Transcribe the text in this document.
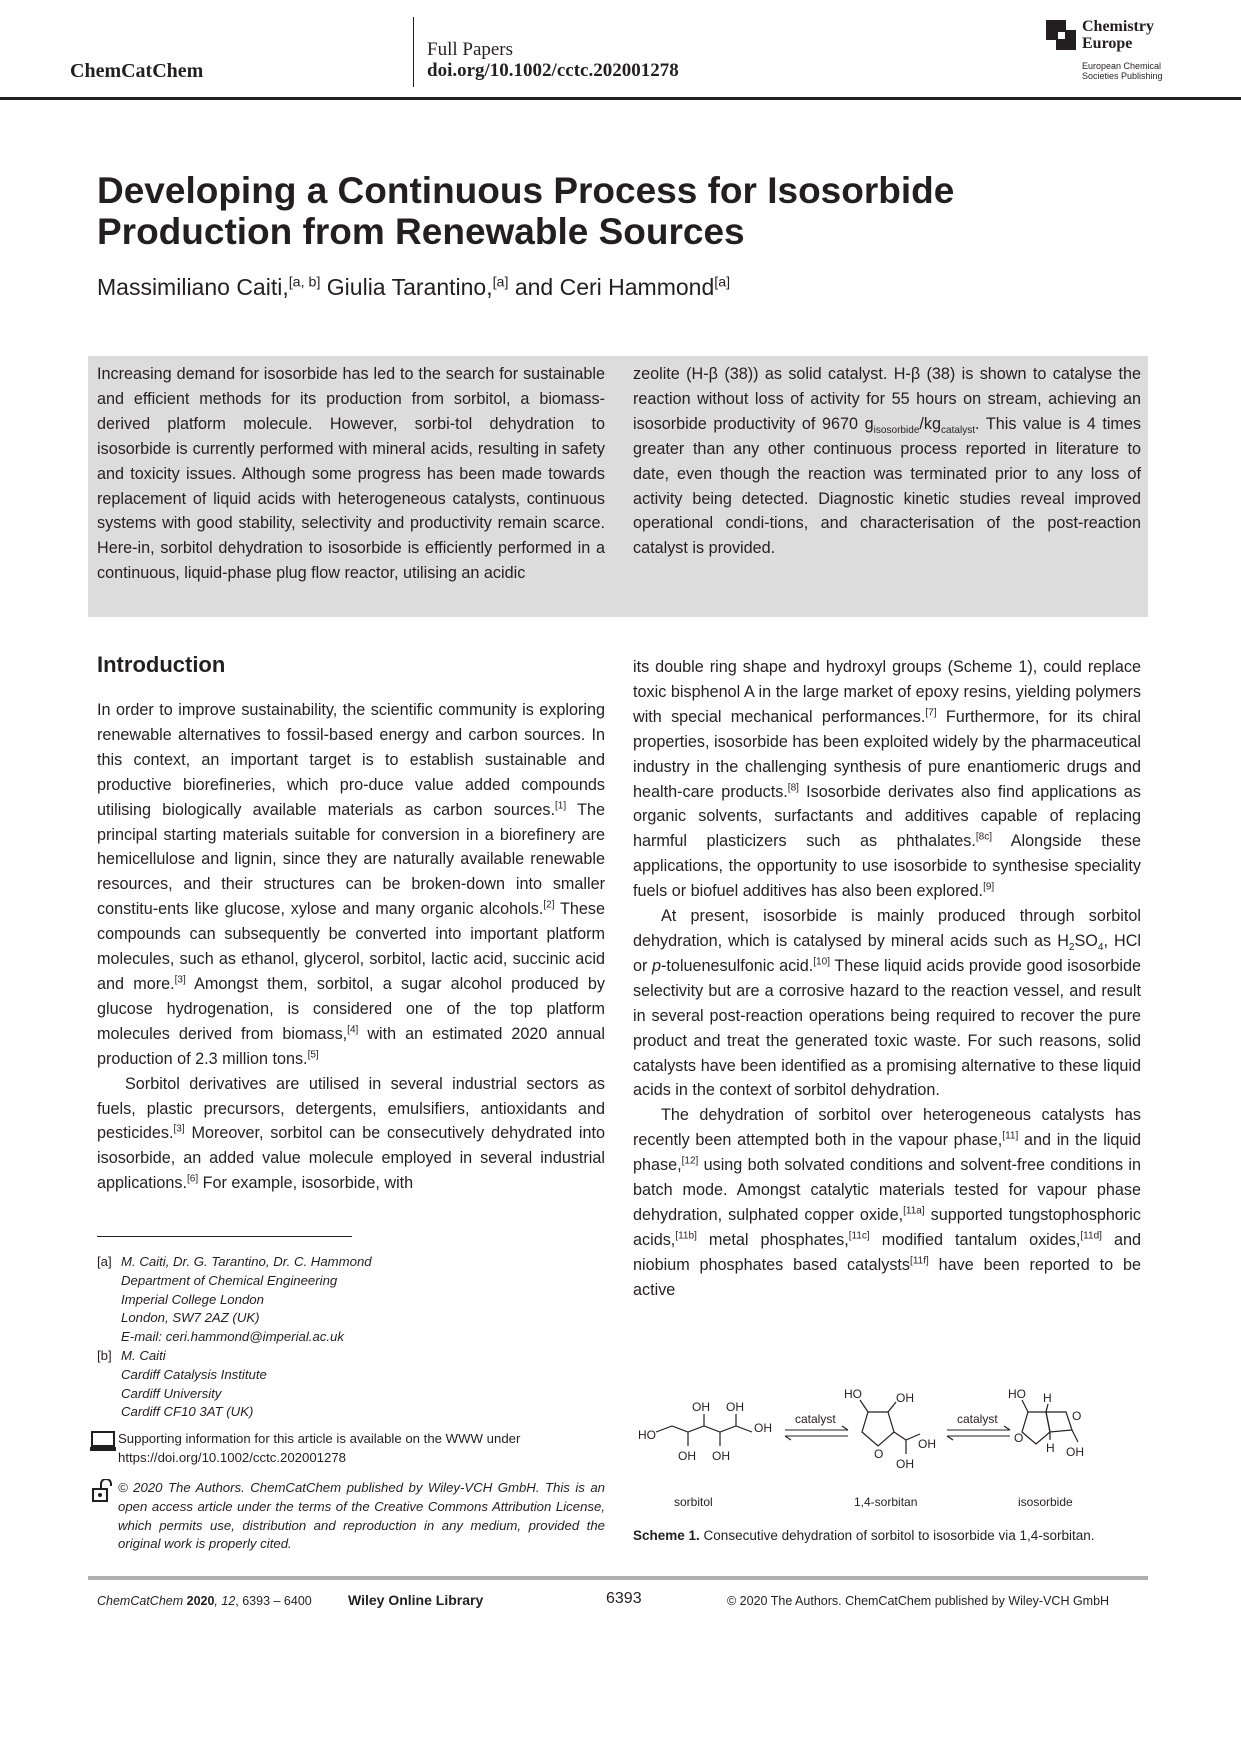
ChemCatChem
Full Papers
doi.org/10.1002/cctc.202001278
Chemistry
Europe
European Chemical
Societies Publishing
Developing a Continuous Process for Isosorbide Production from Renewable Sources
Massimiliano Caiti,[a, b] Giulia Tarantino,[a] and Ceri Hammond[a]
Increasing demand for isosorbide has led to the search for sustainable and efficient methods for its production from sorbitol, a biomass-derived platform molecule. However, sorbi-tol dehydration to isosorbide is currently performed with mineral acids, resulting in safety and toxicity issues. Although some progress has been made towards replacement of liquid acids with heterogeneous catalysts, continuous systems with good stability, selectivity and productivity remain scarce. Here-in, sorbitol dehydration to isosorbide is efficiently performed in a continuous, liquid-phase plug flow reactor, utilising an acidic
zeolite (H-β (38)) as solid catalyst. H-β (38) is shown to catalyse the reaction without loss of activity for 55 hours on stream, achieving an isosorbide productivity of 9670 $g_{isosorbide}/kg_{catalyst}$. This value is 4 times greater than any other continuous process reported in literature to date, even though the reaction was terminated prior to any loss of activity being detected. Diagnostic kinetic studies reveal improved operational condi-tions, and characterisation of the post-reaction catalyst is provided.
Introduction

In order to improve sustainability, the scientific community is exploring renewable alternatives to fossil-based energy and carbon sources. In this context, an important target is to establish sustainable and productive biorefineries, which pro-duce value added compounds utilising biologically available materials as carbon sources.[1] The principal starting materials suitable for conversion in a biorefinery are hemicellulose and lignin, since they are naturally available renewable resources, and their structures can be broken-down into smaller constitu-ents like glucose, xylose and many organic alcohols.[2] These compounds can subsequently be converted into important platform molecules, such as ethanol, glycerol, sorbitol, lactic acid, succinic acid and more.[3] Amongst them, sorbitol, a sugar alcohol produced by glucose hydrogenation, is considered one of the top platform molecules derived from biomass,[4] with an estimated 2020 annual production of 2.3 million tons.[5]

Sorbitol derivatives are utilised in several industrial sectors as fuels, plastic precursors, detergents, emulsifiers, antioxidants and pesticides.[3] Moreover, sorbitol can be consecutively dehydrated into isosorbide, an added value molecule employed in several industrial applications.[6] For example, isosorbide, with

its double ring shape and hydroxyl groups (Scheme 1), could replace toxic bisphenol A in the large market of epoxy resins, yielding polymers with special mechanical performances.[7] Furthermore, for its chiral properties, isosorbide has been exploited widely by the pharmaceutical industry in the challenging synthesis of pure enantiomeric drugs and health-care products.[8] Isosorbide derivates also find applications as organic solvents, surfactants and additives capable of replacing harmful plasticizers such as phthalates.[8c] Alongside these applications, the opportunity to use isosorbide to synthesise speciality fuels or biofuel additives has also been explored.[9]

At present, isosorbide is mainly produced through sorbitol dehydration, which is catalysed by mineral acids such as $H_2SO_4$, HCl or p-toluenesulfonic acid.[10] These liquid acids provide good isosorbide selectivity but are a corrosive hazard to the reaction vessel, and result in several post-reaction operations being required to recover the pure product and treat the generated toxic waste. For such reasons, solid catalysts have been identified as a promising alternative to these liquid acids in the context of sorbitol dehydration.

The dehydration of sorbitol over heterogeneous catalysts has recently been attempted both in the vapour phase,[11] and in the liquid phase,[12] using both solvated conditions and solvent-free conditions in batch mode. Amongst catalytic materials tested for vapour phase dehydration, sulphated copper oxide,[11a] supported tungstophosphoric acids,[11b] metal phosphates,[11c] modified tantalum oxides,[11d] and niobium phosphates based catalysts[11f] have been reported to be active

[a] M. Caiti, Dr. G. Tarantino, Dr. C. Hammond
Department of Chemical Engineering
Imperial College London
London, SW7 2AZ (UK)
E-mail: ceri.hammond@imperial.ac.uk
[b] M. Caiti
Cardiff Catalysis Institute
Cardiff University
Cardiff CF10 3AT (UK)
Supporting information for this article is available on the WWW under https://doi.org/10.1002/cctc.202001278
© 2020 The Authors. ChemCatChem published by Wiley-VCH GmbH. This is an open access article under the terms of the Creative Commons Attribution License, which permits use, distribution and reproduction in any medium, provided the original work is properly cited.
HO
OH OH
OH
OH OH
sorbitol
catalyst
HO	OH
O
OH
OH
1,4-sorbitan
catalyst
HO H
O
O
H OH
isosorbide
Scheme 1. Consecutive dehydration of sorbitol to isosorbide via 1,4-sorbitan.
ChemCatChem 2020, 12, 6393 – 6400	Wiley Online Library	6393	© 2020 The Authors. ChemCatChem published by Wiley-VCH GmbH
